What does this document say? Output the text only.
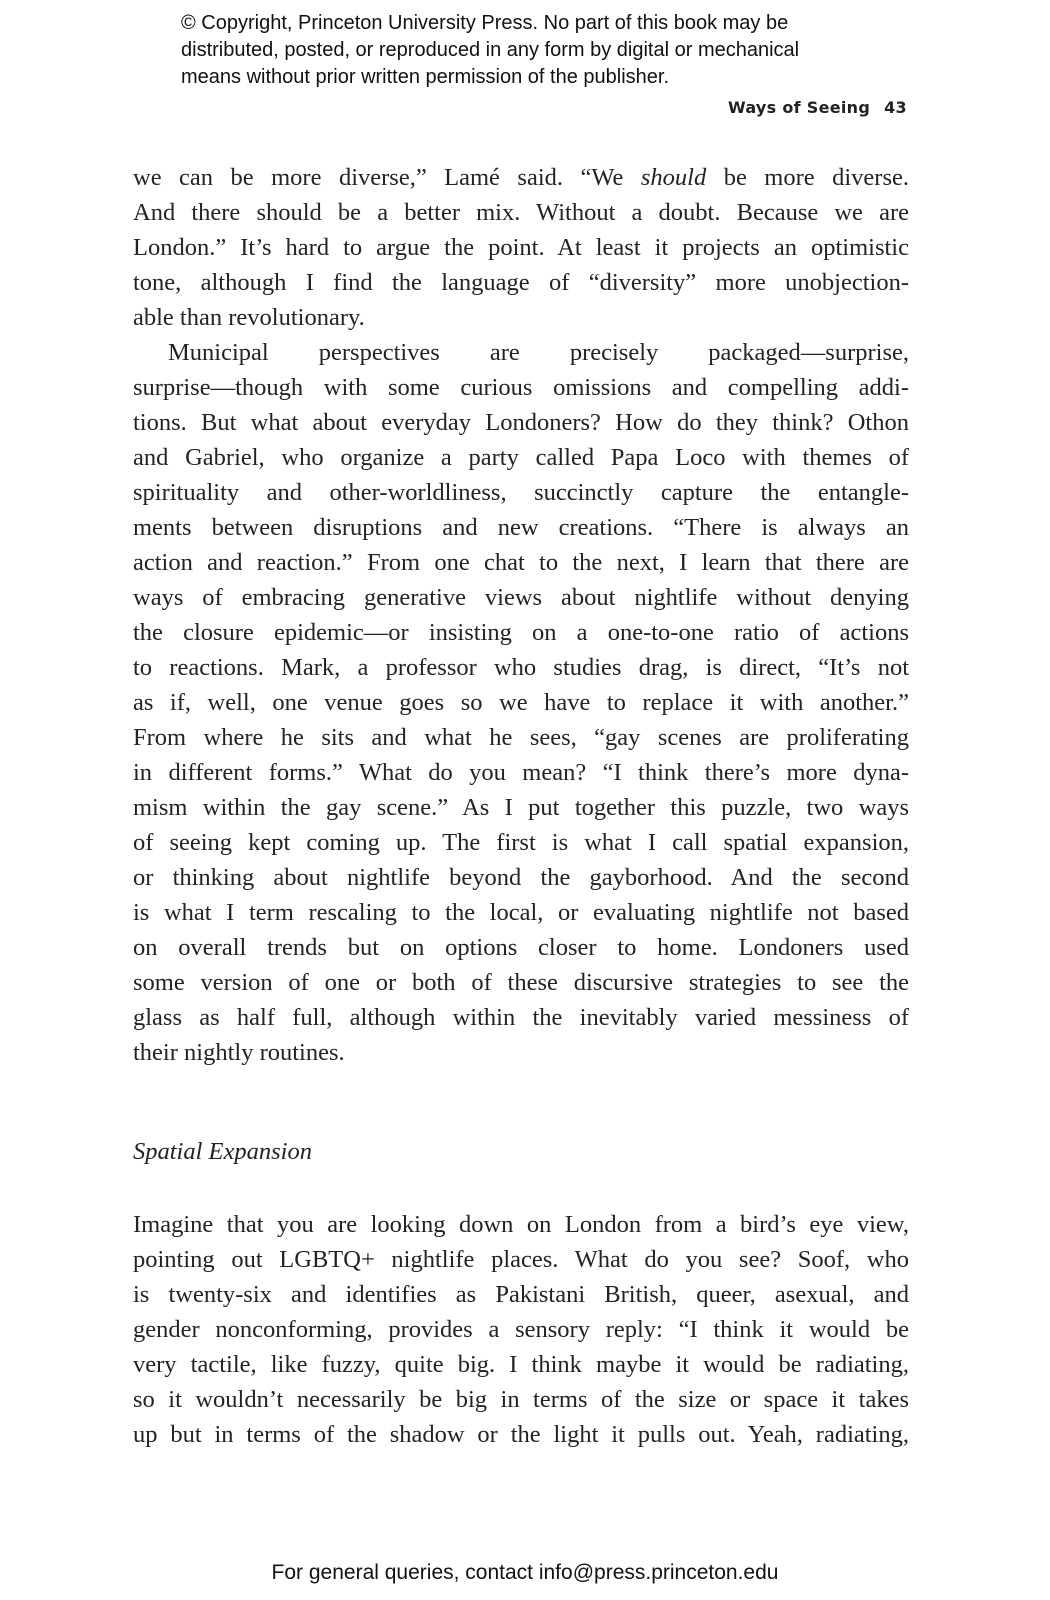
© Copyright, Princeton University Press. No part of this book may be
distributed, posted, or reproduced in any form by digital or mechanical
means without prior written permission of the publisher.
Ways of Seeing 43
we can be more diverse,” Lamé said. “We should be more diverse.
And there should be a better mix. Without a doubt. Because we are
London.” It’s hard to argue the point. At least it projects an optimistic
tone, although I find the language of “diversity” more unobjection-
able than revolutionary.
Municipal perspectives are precisely packaged—surprise,
surprise—though with some curious omissions and compelling addi-
tions. But what about everyday Londoners? How do they think? Othon
and Gabriel, who organize a party called Papa Loco with themes of
spirituality and other-worldliness, succinctly capture the entangle-
ments between disruptions and new creations. “There is always an
action and reaction.” From one chat to the next, I learn that there are
ways of embracing generative views about nightlife without denying
the closure epidemic—or insisting on a one-to-one ratio of actions
to reactions. Mark, a professor who studies drag, is direct, “It’s not
as if, well, one venue goes so we have to replace it with another.”
From where he sits and what he sees, “gay scenes are proliferating
in different forms.” What do you mean? “I think there’s more dyna-
mism within the gay scene.” As I put together this puzzle, two ways
of seeing kept coming up. The first is what I call spatial expansion,
or thinking about nightlife beyond the gayborhood. And the second
is what I term rescaling to the local, or evaluating nightlife not based
on overall trends but on options closer to home. Londoners used
some version of one or both of these discursive strategies to see the
glass as half full, although within the inevitably varied messiness of
their nightly routines.
Spatial Expansion
Imagine that you are looking down on London from a bird’s eye view,
pointing out LGBTQ+ nightlife places. What do you see? Soof, who
is twenty-six and identifies as Pakistani British, queer, asexual, and
gender nonconforming, provides a sensory reply: “I think it would be
very tactile, like fuzzy, quite big. I think maybe it would be radiating,
so it wouldn’t necessarily be big in terms of the size or space it takes
up but in terms of the shadow or the light it pulls out. Yeah, radiating,
For general queries, contact info@press.princeton.edu
